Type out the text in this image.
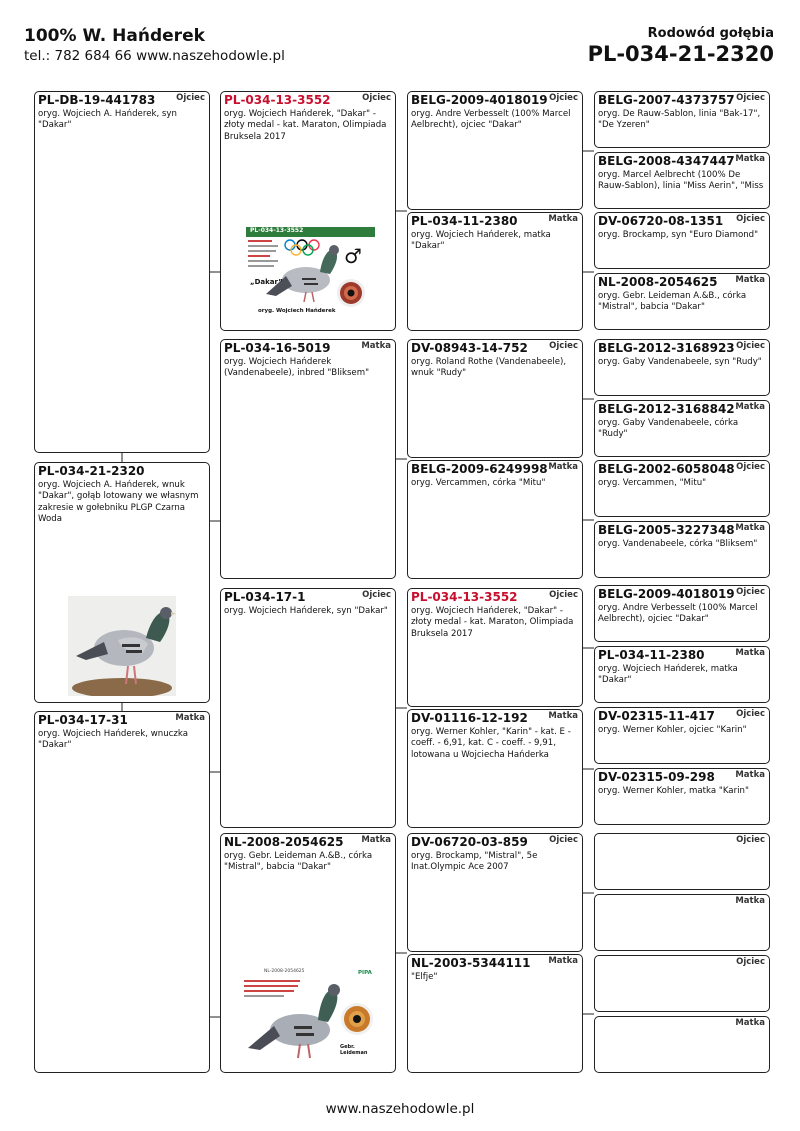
100% W. Hańderek
tel.: 782 684 66 www.naszehodowle.pl
Rodowód gołębia
PL-034-21-2320
PL-DB-19-441783 Ojciec
oryg. Wojciech A. Hańderek, syn "Dakar"
PL-034-21-2320
oryg. Wojciech A. Hańderek, wnuk "Dakar", gołąb lotowany we własnym zakresie w gołebniku PLGP Czarna Woda
PL-034-17-31	Matka
oryg. Wojciech Hańderek, wnuczka "Dakar"
PL-034-13-3552	Ojciec
oryg. Wojciech Hańderek, "Dakar" - złoty medal - kat. Maraton, Olimpiada Bruksela 2017
PL-034-16-5019	Matka
oryg. Wojciech Hańderek (Vandenabeele), inbred "Bliksem"
PL-034-17-1	Ojciec
oryg. Wojciech Hańderek, syn "Dakar"
NL-2008-2054625 Matka
oryg. Gebr. Leideman A.&B., córka "Mistral", babcia "Dakar"
BELG-2009-4018019 Ojciec
oryg. Andre Verbesselt (100% Marcel Aelbrecht), ojciec "Dakar"
PL-034-11-2380	Matka
oryg. Wojciech Hańderek, matka "Dakar"
DV-08943-14-752	Ojciec
oryg. Roland Rothe (Vandenabeele), wnuk "Rudy"
BELG-2009-6249998 Matka
oryg. Vercammen, córka "Mitu"
PL-034-13-3552	Ojciec
oryg. Wojciech Hańderek, "Dakar" - złoty medal - kat. Maraton, Olimpiada Bruksela 2017
DV-01116-12-192 Matka
oryg. Werner Kohler, "Karin" - kat. E - coeff. - 6,91, kat. C - coeff. - 9,91, lotowana u Wojciecha Hańderka
DV-06720-03-859	Ojciec
oryg. Brockamp, "Mistral", 5e Inat.Olympic Ace 2007
NL-2003-5344111 Matka
"Elfje"
BELG-2007-4373757 Ojciec
oryg. De Rauw-Sablon, linia "Bak-17", "De Yzeren"
BELG-2008-4347447 Matka
oryg. Marcel Aelbrecht (100% De Rauw-Sablon), linia "Miss Aerin", "Miss
DV-06720-08-1351 Ojciec
oryg. Brockamp, syn "Euro Diamond"
NL-2008-2054625 Matka
oryg. Gebr. Leideman A.&B., córka "Mistral", babcia "Dakar"
BELG-2012-3168923 Ojciec
oryg. Gaby Vandenabeele, syn "Rudy"
BELG-2012-3168842 Matka
oryg. Gaby Vandenabeele, córka "Rudy"
BELG-2002-6058048 Ojciec
oryg. Vercammen, "Mitu"
BELG-2005-3227348 Matka
oryg. Vandenabeele, córka "Bliksem"
BELG-2009-4018019 Ojciec
oryg. Andre Verbesselt (100% Marcel Aelbrecht), ojciec "Dakar"
PL-034-11-2380	Matka
oryg. Wojciech Hańderek, matka "Dakar"
DV-02315-11-417	Ojciec
oryg. Werner Kohler, ojciec "Karin"
DV-02315-09-298 Matka
oryg. Werner Kohler, matka "Karin"
Ojciec
Matka
Ojciec
Matka
PL-034-13-3552
♂
„Dakar”
oryg. Wojciech Hańderek
NL-2008-2054625	PIPA
Gebr. Leideman
www.naszehodowle.pl
